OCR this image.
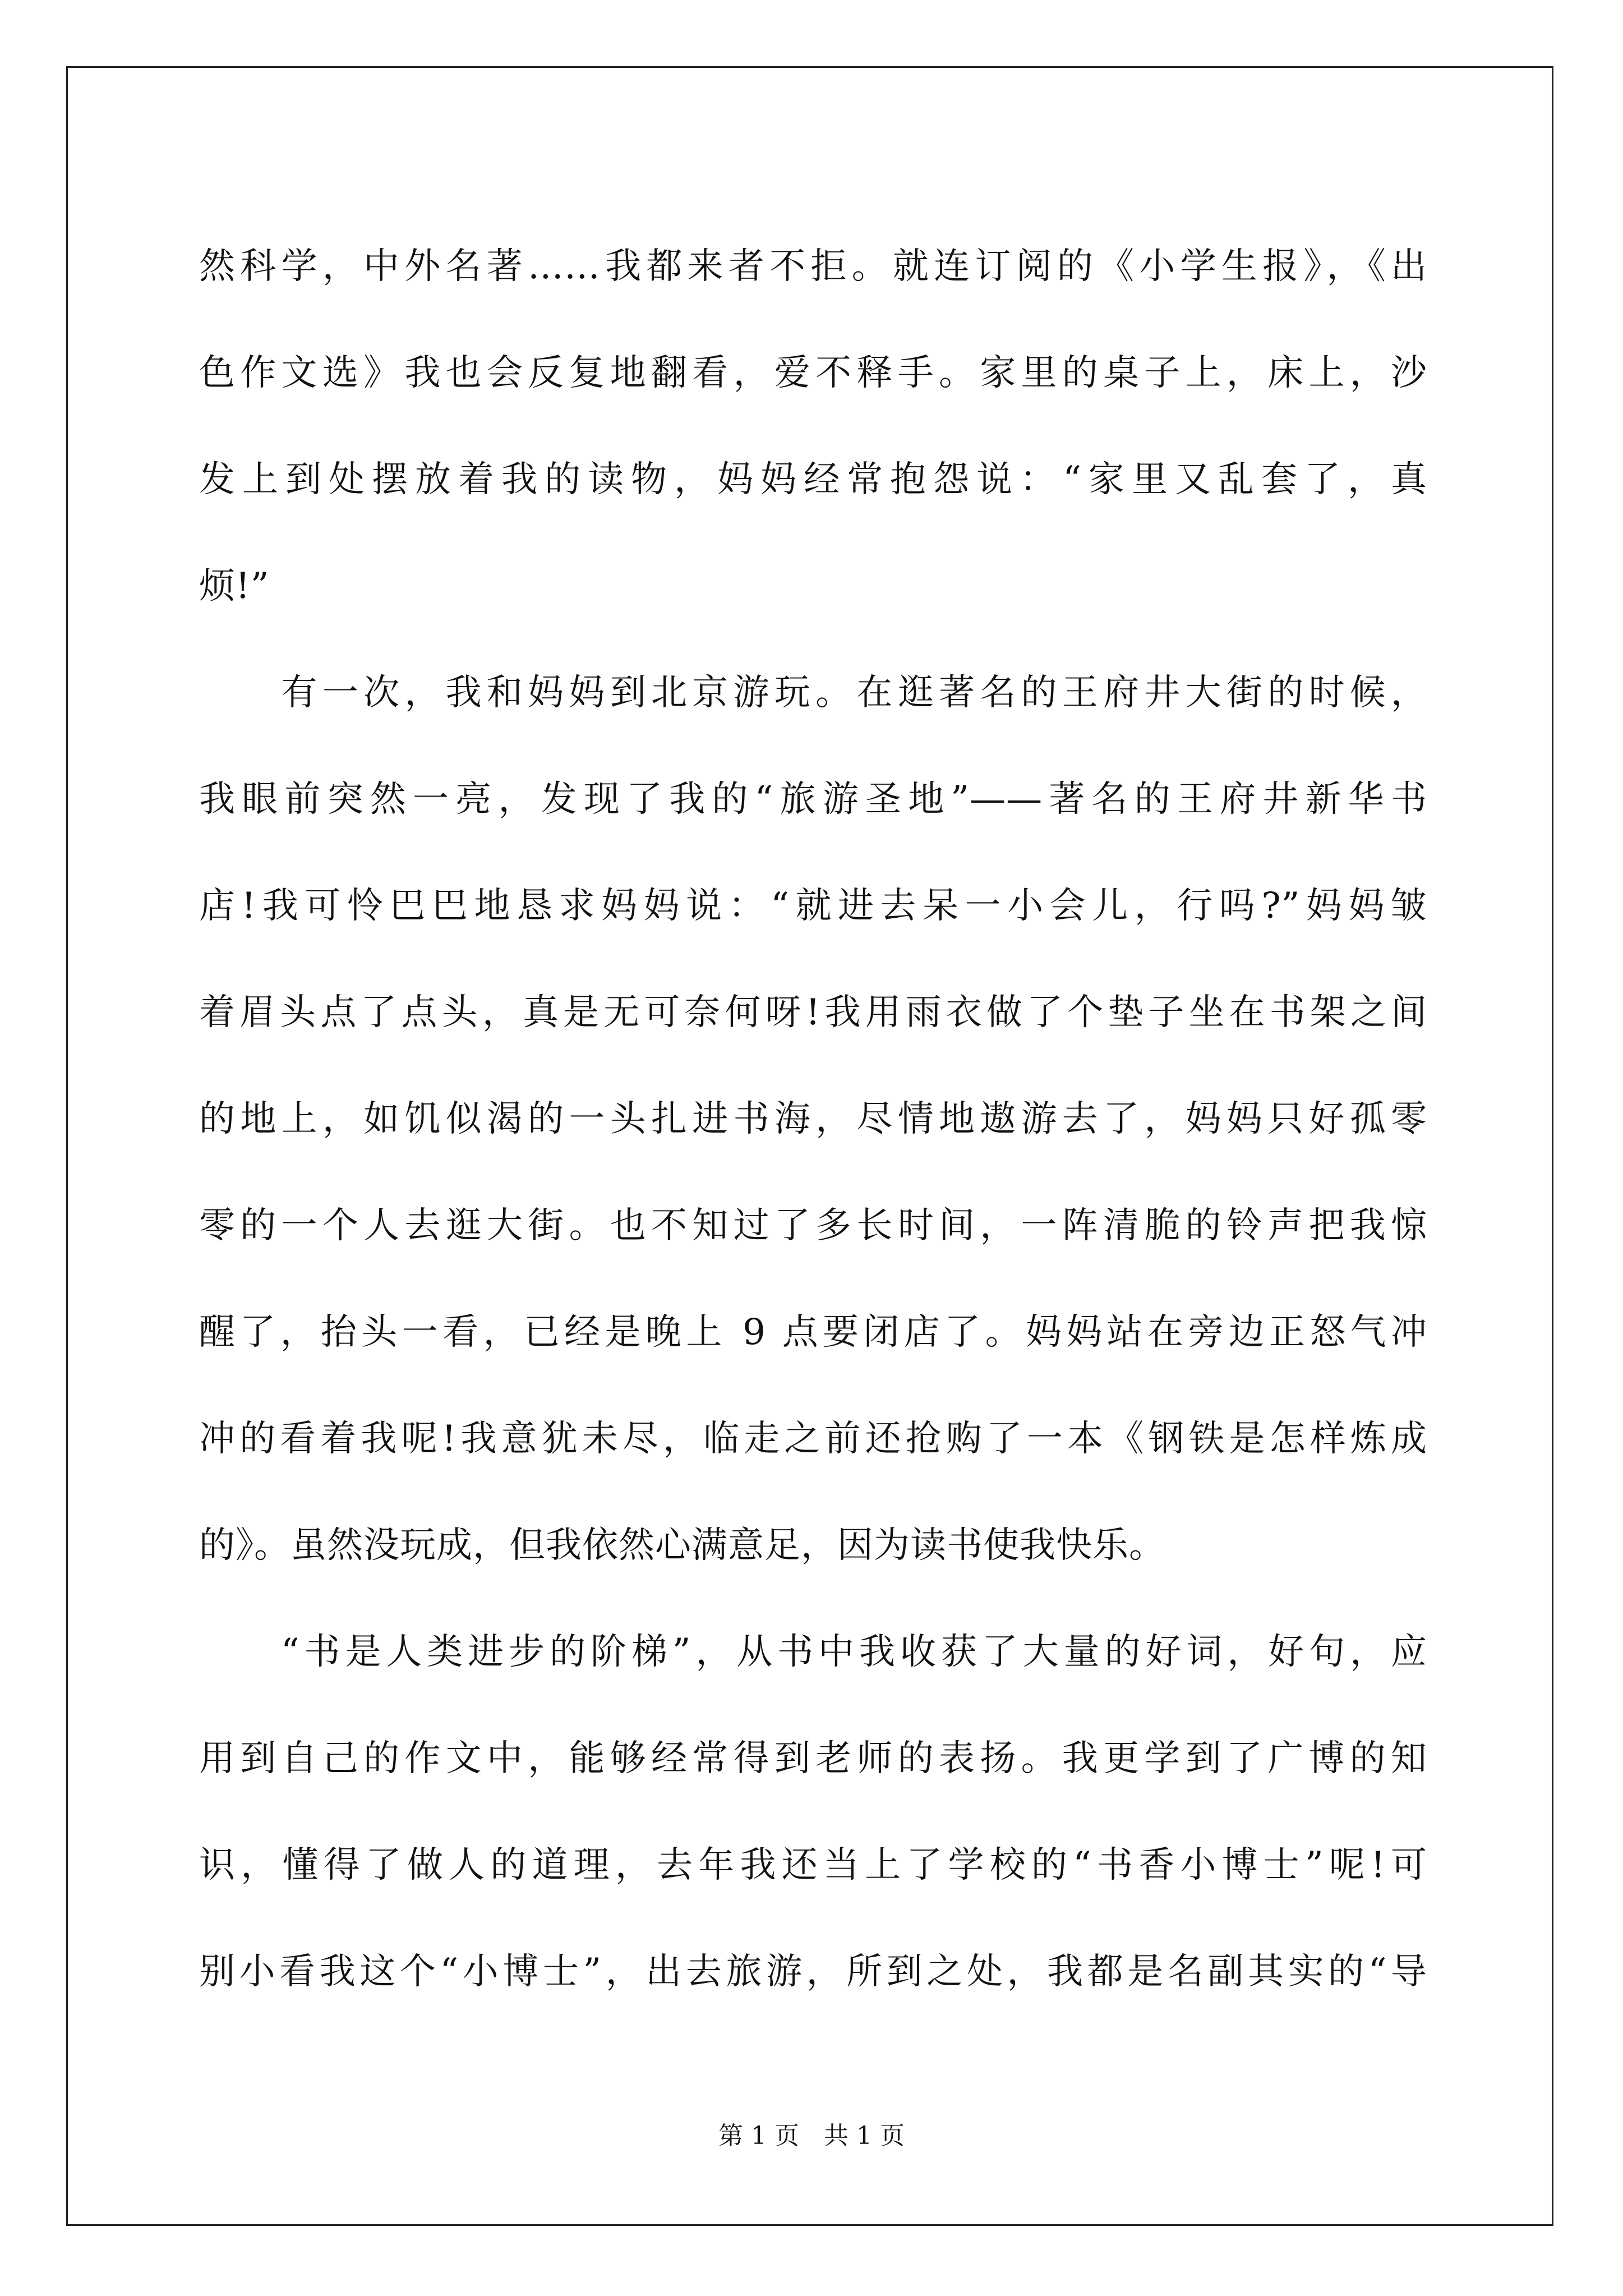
然科学，中外名著……我都来者不拒。就连订阅的《小学生报》，《出
色作文选》我也会反复地翻看，爱不释手。家里的桌子上，床上，沙
发上到处摆放着我的读物，妈妈经常抱怨说：“家里又乱套了，真
烦!”
　　有一次，我和妈妈到北京游玩。在逛著名的王府井大街的时候，
我眼前突然一亮，发现了我的“旅游圣地”——著名的王府井新华书
店!我可怜巴巴地恳求妈妈说：“就进去呆一小会儿，行吗?”妈妈皱
着眉头点了点头，真是无可奈何呀!我用雨衣做了个垫子坐在书架之间
的地上，如饥似渴的一头扎进书海，尽情地遨游去了，妈妈只好孤零
零的一个人去逛大街。也不知过了多长时间，一阵清脆的铃声把我惊
醒了，抬头一看，已经是晚上 9 点要闭店了。妈妈站在旁边正怒气冲
冲的看着我呢!我意犹未尽，临走之前还抢购了一本《钢铁是怎样炼成
的》。虽然没玩成，但我依然心满意足，因为读书使我快乐。
　　“书是人类进步的阶梯”，从书中我收获了大量的好词，好句，应
用到自己的作文中，能够经常得到老师的表扬。我更学到了广博的知
识，懂得了做人的道理，去年我还当上了学校的“书香小博士”呢!可
别小看我这个“小博士”，出去旅游，所到之处，我都是名副其实的“导
第 1 页　共 1 页
